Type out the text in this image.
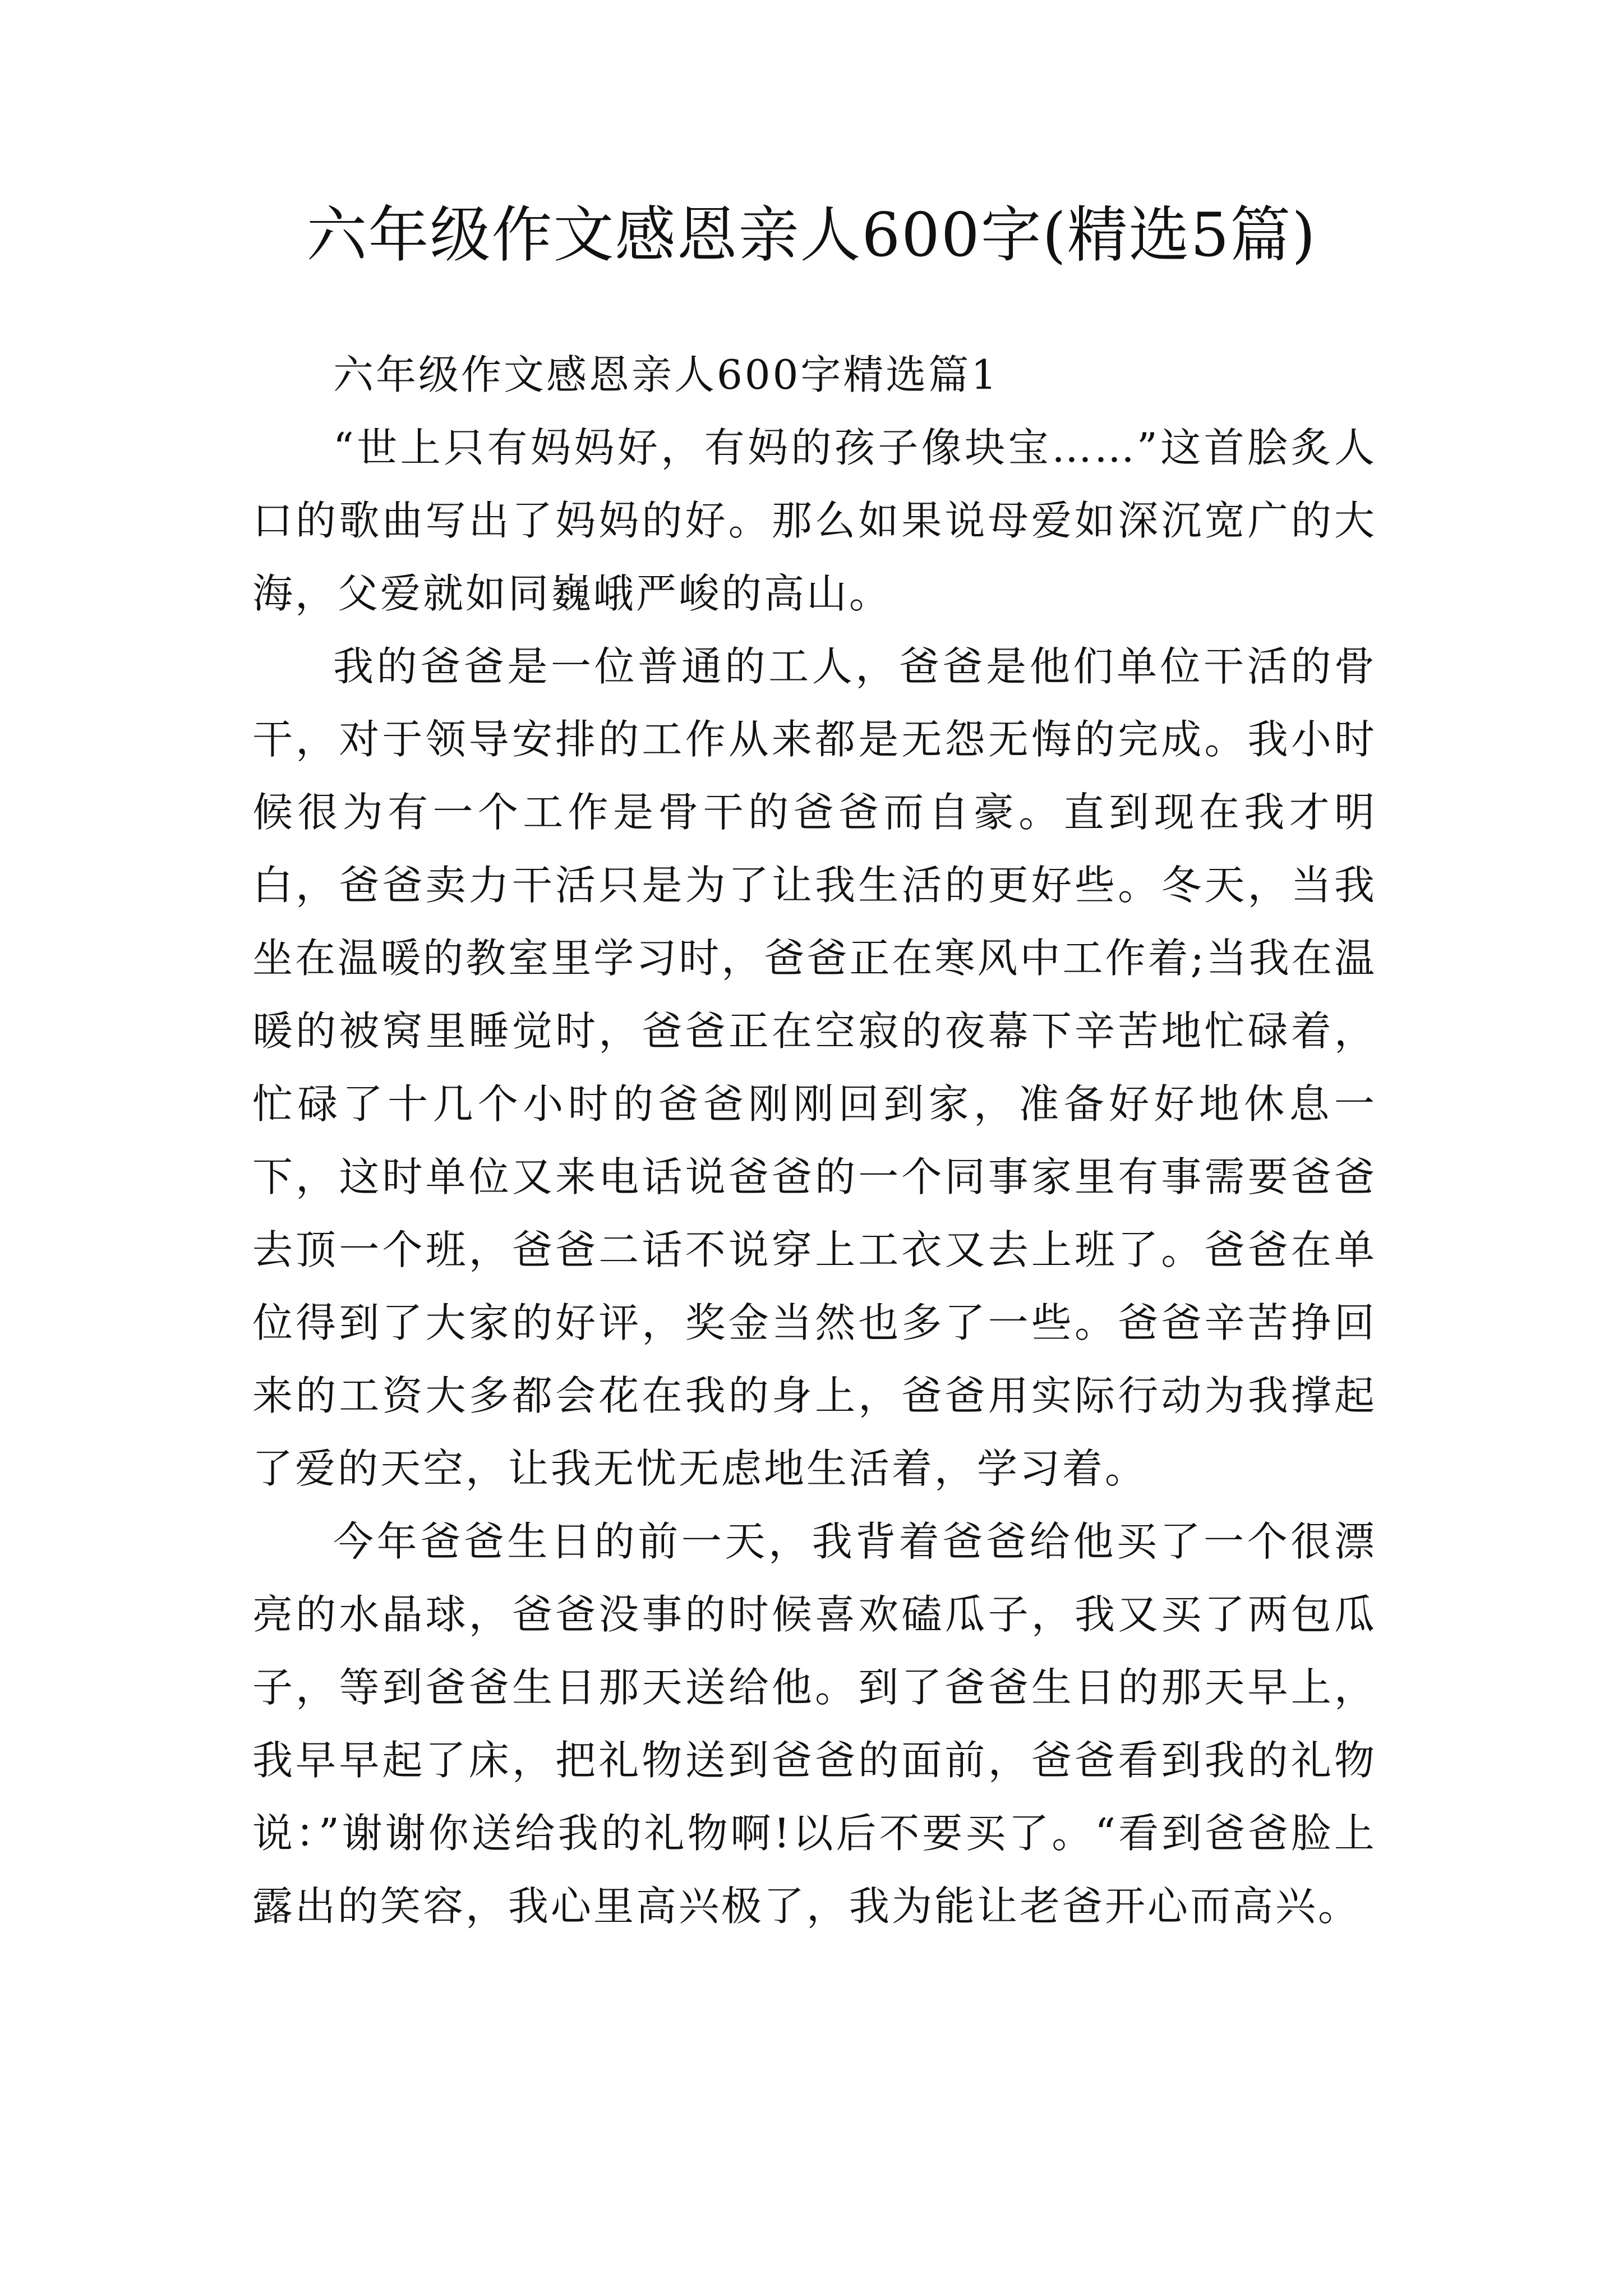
六年级作文感恩亲人600字(精选5篇)
六年级作文感恩亲人600字精选篇1

“世上只有妈妈好，有妈的孩子像块宝……”这首脍炙人口的歌曲写出了妈妈的好。那么如果说母爱如深沉宽广的大海，父爱就如同巍峨严峻的高山。

我的爸爸是一位普通的工人，爸爸是他们单位干活的骨干，对于领导安排的工作从来都是无怨无悔的完成。我小时候很为有一个工作是骨干的爸爸而自豪。直到现在我才明白，爸爸卖力干活只是为了让我生活的更好些。冬天，当我坐在温暖的教室里学习时，爸爸正在寒风中工作着;当我在温暖的被窝里睡觉时，爸爸正在空寂的夜幕下辛苦地忙碌着，忙碌了十几个小时的爸爸刚刚回到家，准备好好地休息一下，这时单位又来电话说爸爸的一个同事家里有事需要爸爸去顶一个班，爸爸二话不说穿上工衣又去上班了。爸爸在单位得到了大家的好评，奖金当然也多了一些。爸爸辛苦挣回来的工资大多都会花在我的身上，爸爸用实际行动为我撑起了爱的天空，让我无忧无虑地生活着，学习着。

今年爸爸生日的前一天，我背着爸爸给他买了一个很漂亮的水晶球，爸爸没事的时候喜欢磕瓜子，我又买了两包瓜子，等到爸爸生日那天送给他。到了爸爸生日的那天早上，我早早起了床，把礼物送到爸爸的面前，爸爸看到我的礼物说：”谢谢你送给我的礼物啊!以后不要买了。“看到爸爸脸上露出的笑容，我心里高兴极了，我为能让老爸开心而高兴。
